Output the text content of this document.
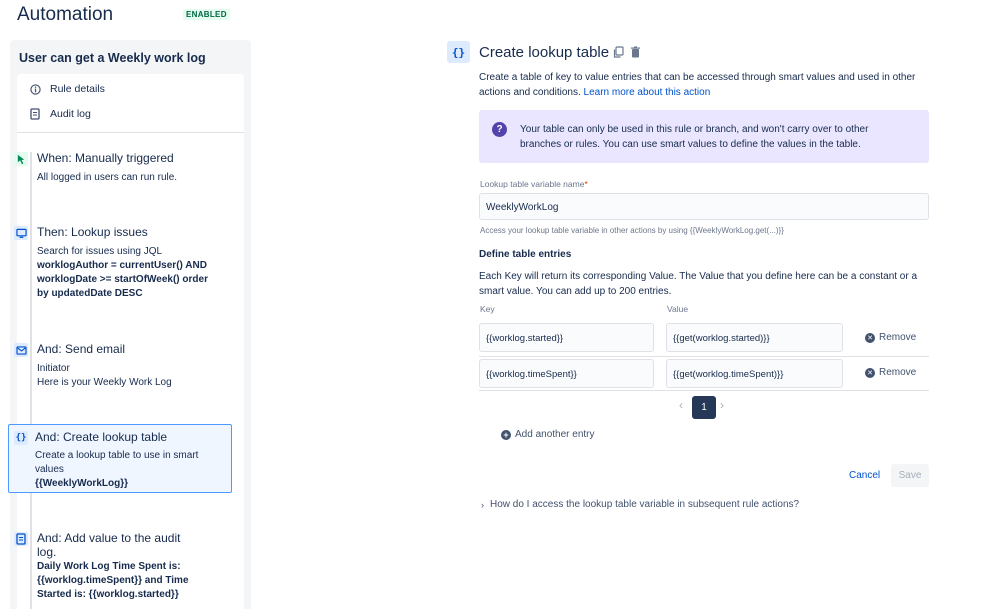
Automation	ENABLED
User can get a Weekly work log
Rule details
Audit log
When: Manually triggered
All logged in users can run rule.
Then: Lookup issues
Search for issues using JQL
worklogAuthor = currentUser() AND
worklogDate >= startOfWeek() order
by updatedDate DESC
And: Send email
Initiator
Here is your Weekly Work Log
{} And: Create lookup table
Create a lookup table to use in smart
values
{{WeeklyWorkLog}}
And: Add value to the audit
log.
Daily Work Log Time Spent is:
{{worklog.timeSpent}} and Time
Started is: {{worklog.started}}
{} Create lookup table
Create a table of key to value entries that can be accessed through smart values and used in other actions and conditions. Learn more about this action
?	Your table can only be used in this rule or branch, and won't carry over to other branches or rules. You can use smart values to define the values in the table.
Lookup table variable name*
WeeklyWorkLog
Access your lookup table variable in other actions by using {{WeeklyWorkLog.get(...)}}
Define table entries
Each Key will return its corresponding Value. The Value that you define here can be a constant or a smart value. You can add up to 200 entries.
Key	Value
{{worklog.started}}	{{get(worklog.started)}}	✕ Remove
{{worklog.timeSpent}}	{{get(worklog.timeSpent)}}	✕ Remove
‹	1	›
+ Add another entry
Cancel	Save
› How do I access the lookup table variable in subsequent rule actions?
